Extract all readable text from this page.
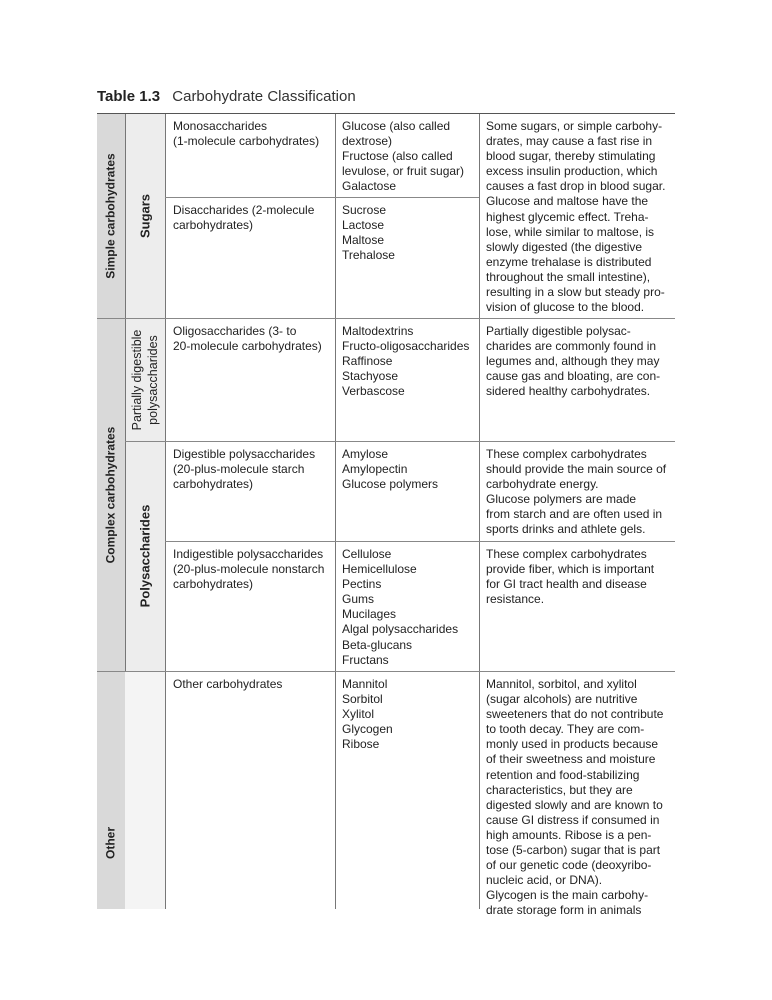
Table 1.3 Carbohydrate Classification
Simple carbohydrates
Complex carbohydrates
Other
Sugars
Partially digestible
polysaccharides
Polysaccharides
Monosaccharides
(1-molecule carbohydrates)
Glucose (also called
dextrose)
Fructose (also called
levulose, or fruit sugar)
Galactose
Disaccharides (2-molecule
carbohydrates)
Sucrose
Lactose
Maltose
Trehalose
Some sugars, or simple carbohy-
drates, may cause a fast rise in
blood sugar, thereby stimulating
excess insulin production, which
causes a fast drop in blood sugar.
Glucose and maltose have the
highest glycemic effect. Treha-
lose, while similar to maltose, is
slowly digested (the digestive
enzyme trehalase is distributed
throughout the small intestine),
resulting in a slow but steady pro-
vision of glucose to the blood.
Oligosaccharides (3- to
20-molecule carbohydrates)
Maltodextrins
Fructo-oligosaccharides
Raffinose
Stachyose
Verbascose
Partially digestible polysac-
charides are commonly found in
legumes and, although they may
cause gas and bloating, are con-
sidered healthy carbohydrates.
Digestible polysaccharides
(20-plus-molecule starch
carbohydrates)
Amylose
Amylopectin
Glucose polymers
These complex carbohydrates
should provide the main source of
carbohydrate energy.
Glucose polymers are made
from starch and are often used in
sports drinks and athlete gels.
Indigestible polysaccharides
(20-plus-molecule nonstarch
carbohydrates)
Cellulose
Hemicellulose
Pectins
Gums
Mucilages
Algal polysaccharides
Beta-glucans
Fructans
These complex carbohydrates
provide fiber, which is important
for GI tract health and disease
resistance.
Other carbohydrates	Mannitol
Sorbitol
Xylitol
Glycogen
Ribose
Mannitol, sorbitol, and xylitol
(sugar alcohols) are nutritive
sweeteners that do not contribute
to tooth decay. They are com-
monly used in products because
of their sweetness and moisture
retention and food-stabilizing
characteristics, but they are
digested slowly and are known to
cause GI distress if consumed in
high amounts. Ribose is a pen-
tose (5-carbon) sugar that is part
of our genetic code (deoxyribo-
nucleic acid, or DNA).
Glycogen is the main carbohy-
drate storage form in animals
